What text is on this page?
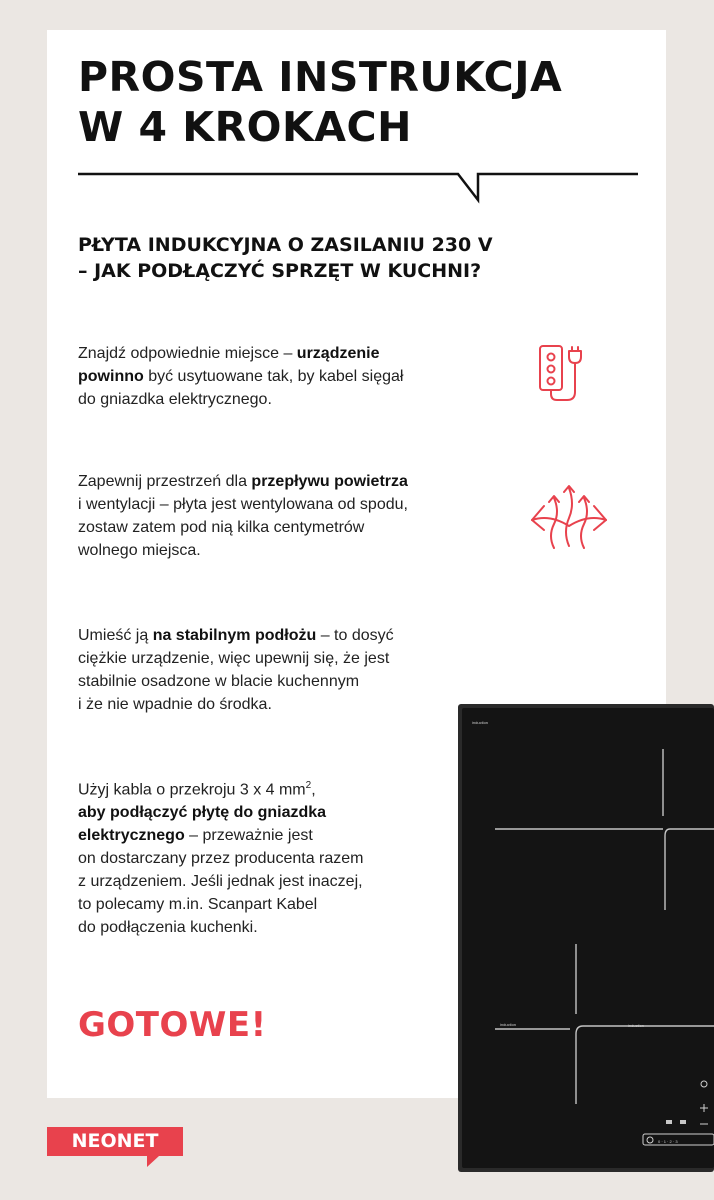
PROSTA INSTRUKCJA
W 4 KROKACH
PŁYTA INDUKCYJNA O ZASILANIU 230 V
– JAK PODŁĄCZYĆ SPRZĘT W KUCHNI?

Znajdź odpowiednie miejsce – urządzenie
powinno być usytuowane tak, by kabel sięgał
do gniazdka elektrycznego.

Zapewnij przestrzeń dla przepływu powietrza
i wentylacji – płyta jest wentylowana od spodu,
zostaw zatem pod nią kilka centymetrów
wolnego miejsca.

Umieść ją na stabilnym podłożu – to dosyć
ciężkie urządzenie, więc upewnij się, że jest
stabilnie osadzone w blacie kuchennym
i że nie wpadnie do środka.

Użyj kabla o przekroju 3 x 4 $mm^2$,
aby podłączyć płytę do gniazdka
elektrycznego – przeważnie jest
on dostarczany przez producenta razem
z urządzeniem. Jeśli jednak jest inaczej,
to polecamy m.in. Scanpart Kabel
do podłączenia kuchenki.

GOTOWE!

NEONET
induction
induction
induction
0 · 1 · 2 · 3
